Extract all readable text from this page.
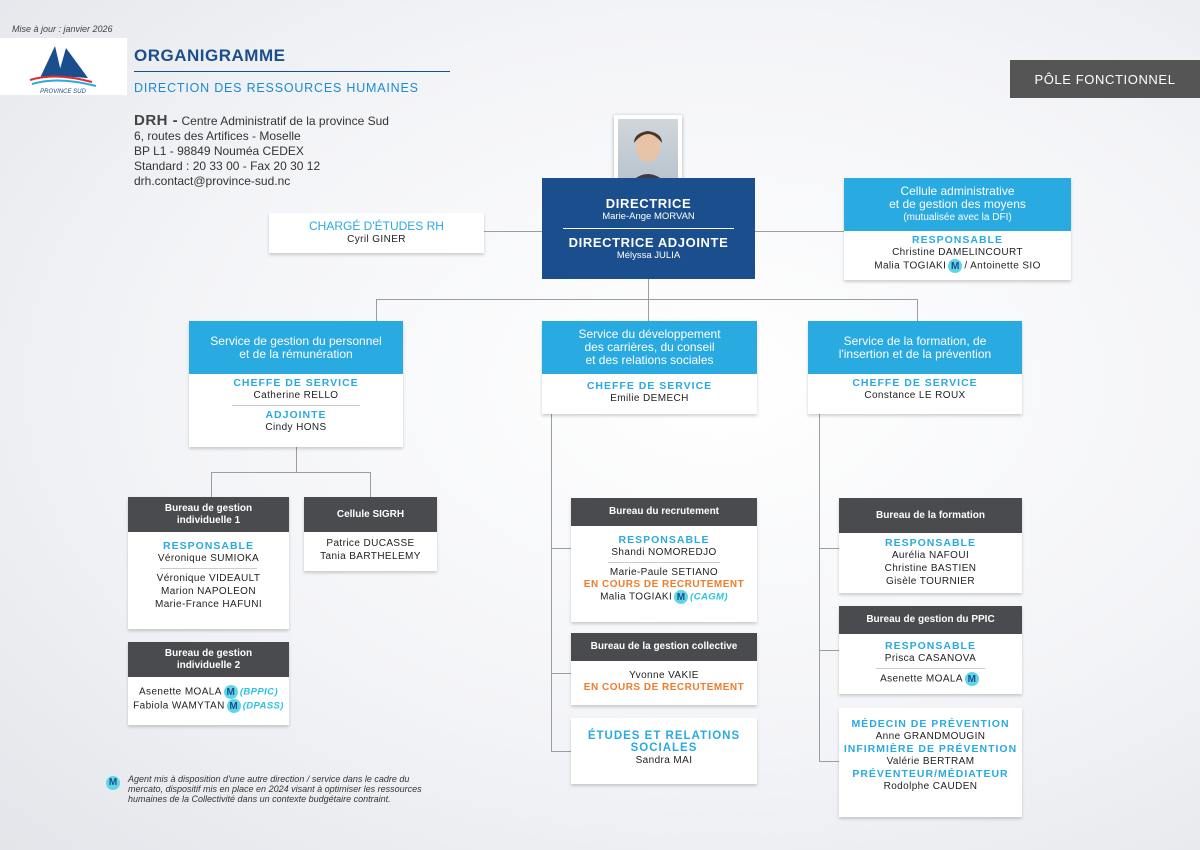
Mise à jour : janvier 2026
PROVINCE SUD
ORGANIGRAMME
DIRECTION DES RESSOURCES HUMAINES
DRH - Centre Administratif de la province Sud
6, routes des Artifices - Moselle
BP L1 - 98849 Nouméa CEDEX
Standard : 20 33 00 - Fax 20 30 12
drh.contact@province-sud.nc
PÔLE FONCTIONNEL
DIRECTRICE
Marie-Ange MORVAN
DIRECTRICE ADJOINTE
Mélyssa JULIA
CHARGÉ D'ÉTUDES RH
Cyril GINER
Cellule administrative
et de gestion des moyens
(mutualisée avec la DFI)
RESPONSABLE
Christine DAMELINCOURT
Malia TOGIAKI M / Antoinette SIO
Service de gestion du personnel
et de la rémunération
CHEFFE DE SERVICE
Catherine RELLO
ADJOINTE
Cindy HONS
Service du développement
des carrières, du conseil
et des relations sociales
CHEFFE DE SERVICE
Emilie DEMECH
Service de la formation, de
l'insertion et de la prévention
CHEFFE DE SERVICE
Constance LE ROUX
Bureau de gestion
individuelle 1
RESPONSABLE
Véronique SUMIOKA
Véronique VIDEAULT
Marion NAPOLEON
Marie-France HAFUNI
Bureau de gestion
individuelle 2
Asenette MOALA M (BPPIC)
Fabiola WAMYTAN M (DPASS)
Cellule SIGRH
Patrice DUCASSE
Tania BARTHELEMY
Bureau du recrutement
RESPONSABLE
Shandi NOMOREDJO
Marie-Paule SETIANO
EN COURS DE RECRUTEMENT
Malia TOGIAKI M (CAGM)
Bureau de la gestion collective
Yvonne VAKIE
EN COURS DE RECRUTEMENT
ÉTUDES ET RELATIONS
SOCIALES
Sandra MAI
Bureau de la formation
RESPONSABLE
Aurélia NAFOUI
Christine BASTIEN
Gisèle TOURNIER
Bureau de gestion du PPIC
RESPONSABLE
Prisca CASANOVA
Asenette MOALA M
MÉDECIN DE PRÉVENTION
Anne GRANDMOUGIN
INFIRMIÈRE DE PRÉVENTION
Valérie BERTRAM
PRÉVENTEUR/MÉDIATEUR
Rodolphe CAUDEN
M	Agent mis à disposition d'une autre direction / service dans le cadre du mercato, dispositif mis en place en 2024 visant à optimiser les ressources humaines de la Collectivité dans un contexte budgétaire contraint.
